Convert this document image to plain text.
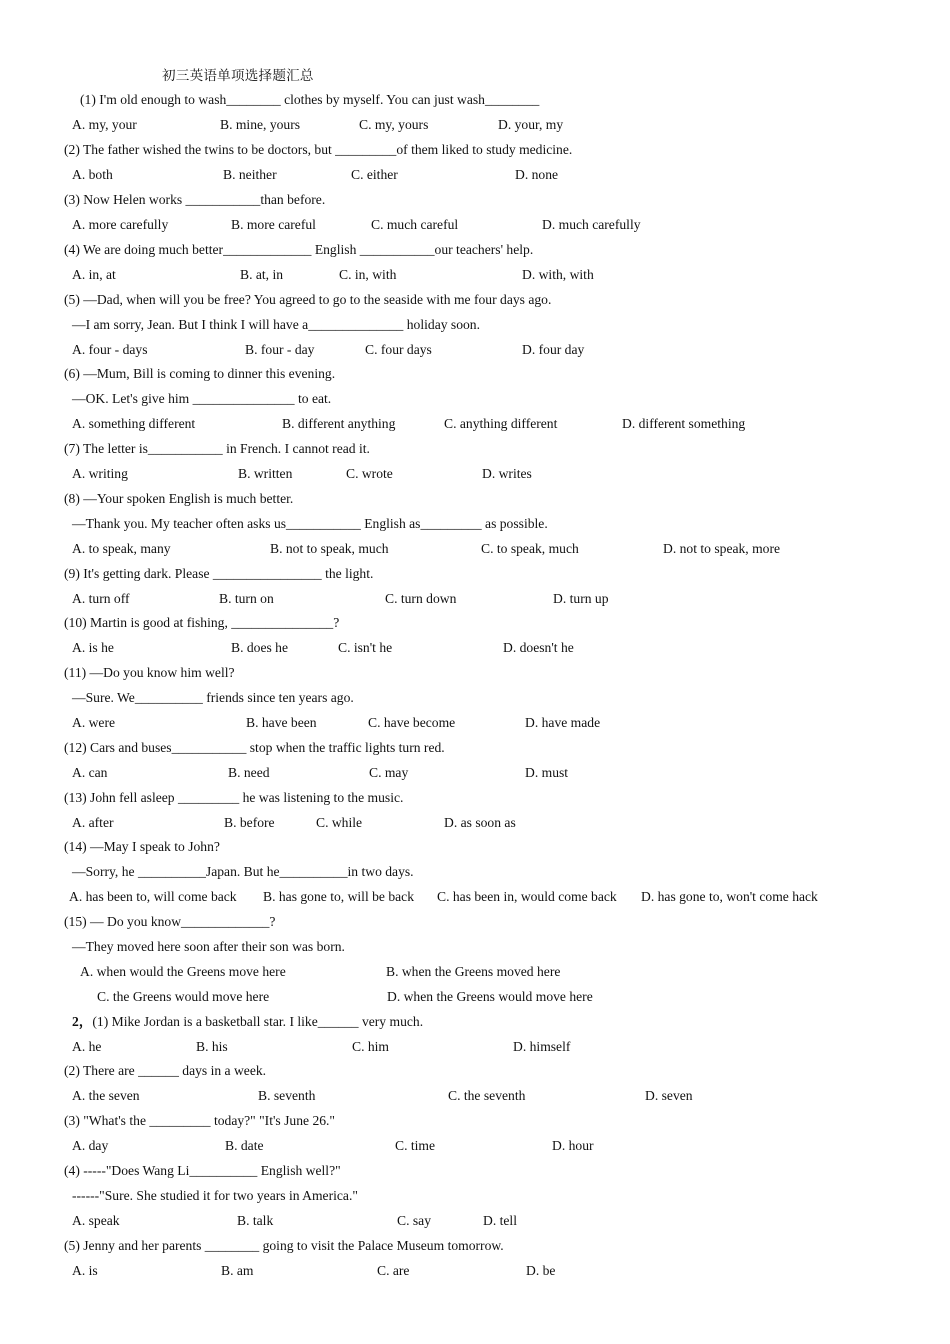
初三英语单项选择题汇总
(1) I'm old enough to wash________ clothes by myself. You can just wash________
A. my, your	B. mine, yours	C. my, yours	D. your, my
(2) The father wished the twins to be doctors, but _________of them liked to study medicine.
A. both	B. neither	C. either	D. none
(3) Now Helen works ___________than before.
A. more carefully	B. more careful	C. much careful	D. much carefully
(4) We are doing much better_____________ English ___________our teachers' help.
A. in, at	B. at, in	C. in, with	D. with, with
(5) —Dad, when will you be free? You agreed to go to the seaside with me four days ago.
—I am sorry, Jean. But I think I will have a______________ holiday soon.
A. four - days	B. four - day	C. four days	D. four day
(6) —Mum, Bill is coming to dinner this evening.
—OK. Let's give him _______________ to eat.
A. something different	B. different anything	C. anything different	D. different something
(7) The letter is___________ in French. I cannot read it.
A. writing	B. written	C. wrote	D. writes
(8) —Your spoken English is much better.
—Thank you. My teacher often asks us___________ English as_________ as possible.
A. to speak, many	B. not to speak, much	C. to speak, much	D. not to speak, more
(9) It's getting dark. Please ________________ the light.
A. turn off	B. turn on	C. turn down	D. turn up
(10) Martin is good at fishing, _______________?
A. is he	B. does he	C. isn't he	D. doesn't he
(11) —Do you know him well?
—Sure. We__________ friends since ten years ago.
A. were	B. have been	C. have become	D. have made
(12) Cars and buses___________ stop when the traffic lights turn red.
A. can	B. need	C. may	D. must
(13) John fell asleep _________ he was listening to the music.
A. after	B. before	C. while	D. as soon as
(14) —May I speak to John?
—Sorry, he __________Japan. But he__________in two days.
A. has been to, will come back B. has gone to, will be back C. has been in, would come back D. has gone to, won't come hack
(15) — Do you know_____________?
—They moved here soon after their son was born.
A. when would the Greens move here	B. when the Greens moved here
C. the Greens would move here	D. when the Greens would move here
2，(1) Mike Jordan is a basketball star. I like______ very much.
A. he	B. his	C. him	D. himself
(2) There are ______ days in a week.
A. the seven	B. seventh	C. the seventh	D. seven
(3) "What's the _________ today?" "It's June 26."
A. day	B. date	C. time	D. hour
(4) -----"Does Wang Li__________ English well?"
------"Sure. She studied it for two years in America."
A. speak	B. talk	C. say	D. tell
(5) Jenny and her parents ________ going to visit the Palace Museum tomorrow.
A. is	B. am	C. are	D. be
